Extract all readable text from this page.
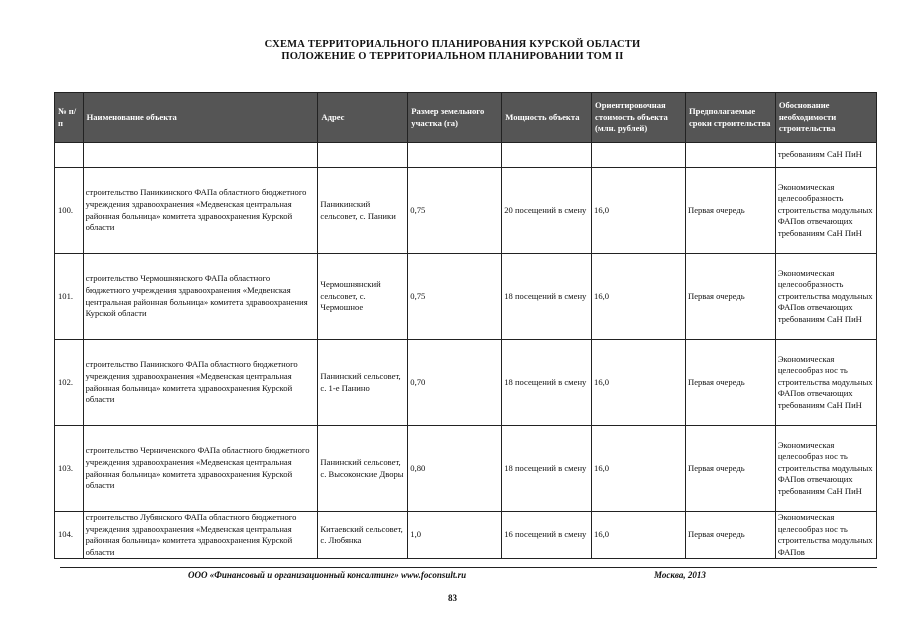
СХЕМА ТЕРРИТОРИАЛЬНОГО ПЛАНИРОВАНИЯ КУРСКОЙ ОБЛАСТИ
ПОЛОЖЕНИЕ О ТЕРРИТОРИАЛЬНОМ ПЛАНИРОВАНИИ ТОМ II
№ п/п	Наименование объекта	Адрес	Размер земельного участка (га)	Мощность объекта	Ориентировочная стоимость объекта (млн. рублей)	Предполагаемые сроки строительства	Обоснование необходимости строительства
							требованиям СаН ПиН
100.	строительство Паникинского ФАПа областного бюджетного учреждения здравоохранения «Медвенская центральная районная больница» комитета здравоохранения Курской области	Паникинский сельсовет, с. Паники	0,75	20 посещений в смену	16,0	Первая очередь	Экономическая целесообразность строительства модульных ФАПов отвечающих требованиям СаН ПиН
101.	строительство Чермошнянского ФАПа областного бюджетного учреждения здравоохранения «Медвенская центральная районная больница» комитета здравоохранения Курской области	Чермошнянский сельсовет, с. Чермошное	0,75	18 посещений в смену	16,0	Первая очередь	Экономическая целесообразность строительства модульных ФАПов отвечающих требованиям СаН ПиН
102.	строительство Панинского ФАПа областного бюджетного учреждения здравоохранения «Медвенская центральная районная больница» комитета здравоохранения Курской области	Панинский сельсовет, с. 1-е Панино	0,70	18 посещений в смену	16,0	Первая очередь	Экономическая целесообраз нос ть строительства модульных ФАПов отвечающих требованиям СаН ПиН
103.	строительство Черниченского ФАПа областного бюджетного учреждения здравоохранения «Медвенская центральная районная больница» комитета здравоохранения Курской области	Панинский сельсовет, с. Высоконские Дворы	0,80	18 посещений в смену	16,0	Первая очередь	Экономическая целесообраз нос ть строительства модульных ФАПов отвечающих требованиям СаН ПиН
104.	строительство Лубянского ФАПа областного бюджетного учреждения здравоохранения «Медвенская центральная районная больница» комитета здравоохранения Курской области	Китаевский сельсовет, с. Любянка	1,0	16 посещений в смену	16,0	Первая очередь	Экономическая целесообраз нос ть строительства модульных ФАПов
ООО «Финансовый и организационный консалтинг» www.foconsult.ru	Москва, 2013
83
